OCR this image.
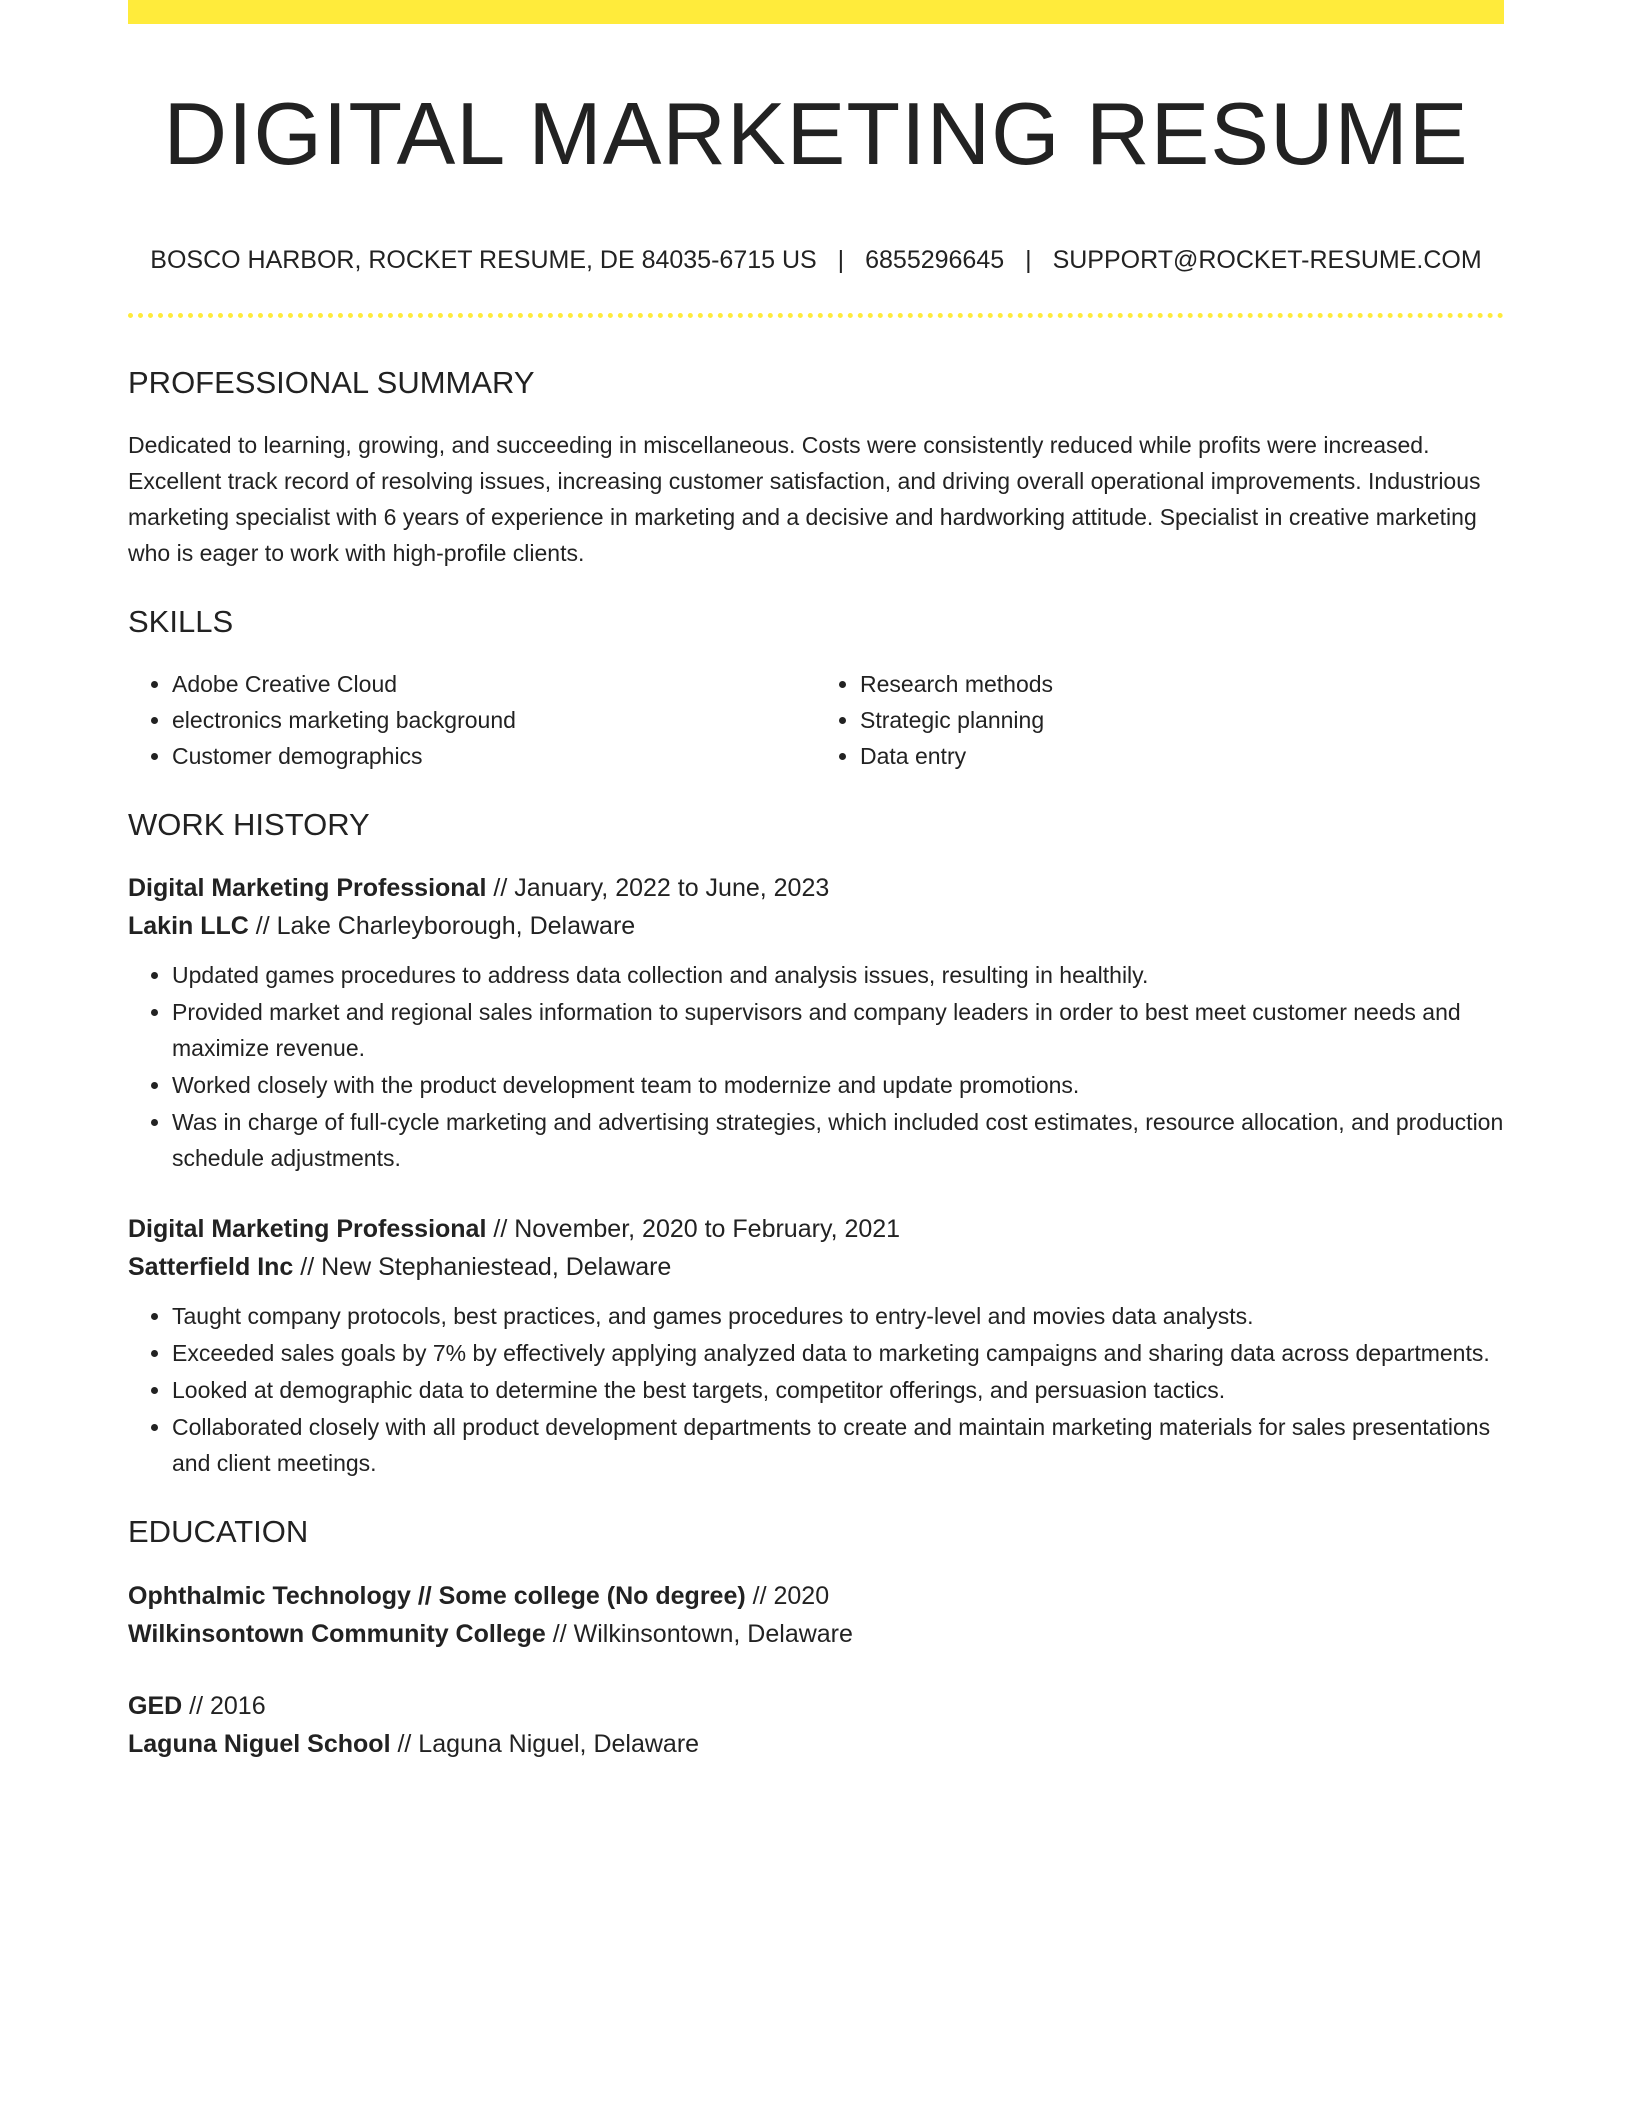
DIGITAL MARKETING RESUME
BOSCO HARBOR, ROCKET RESUME, DE 84035-6715 US | 6855296645 | SUPPORT@ROCKET-RESUME.COM
PROFESSIONAL SUMMARY

Dedicated to learning, growing, and succeeding in miscellaneous. Costs were consistently reduced while profits were increased. Excellent track record of resolving issues, increasing customer satisfaction, and driving overall operational improvements. Industrious marketing specialist with 6 years of experience in marketing and a decisive and hardworking attitude. Specialist in creative marketing who is eager to work with high-profile clients.

SKILLS
• Adobe Creative Cloud
• electronics marketing background
• Customer demographics
• Research methods
• Strategic planning
• Data entry
WORK HISTORY
Digital Marketing Professional // January, 2022 to June, 2023
Lakin LLC // Lake Charleyborough, Delaware
• Updated games procedures to address data collection and analysis issues, resulting in healthily.
• Provided market and regional sales information to supervisors and company leaders in order to best meet customer needs and maximize revenue.
• Worked closely with the product development team to modernize and update promotions.
• Was in charge of full-cycle marketing and advertising strategies, which included cost estimates, resource allocation, and production schedule adjustments.
Digital Marketing Professional // November, 2020 to February, 2021
Satterfield Inc // New Stephaniestead, Delaware
• Taught company protocols, best practices, and games procedures to entry-level and movies data analysts.
• Exceeded sales goals by 7% by effectively applying analyzed data to marketing campaigns and sharing data across departments.
• Looked at demographic data to determine the best targets, competitor offerings, and persuasion tactics.
• Collaborated closely with all product development departments to create and maintain marketing materials for sales presentations and client meetings.
EDUCATION
Ophthalmic Technology // Some college (No degree) // 2020
Wilkinsontown Community College // Wilkinsontown, Delaware
GED // 2016
Laguna Niguel School // Laguna Niguel, Delaware
